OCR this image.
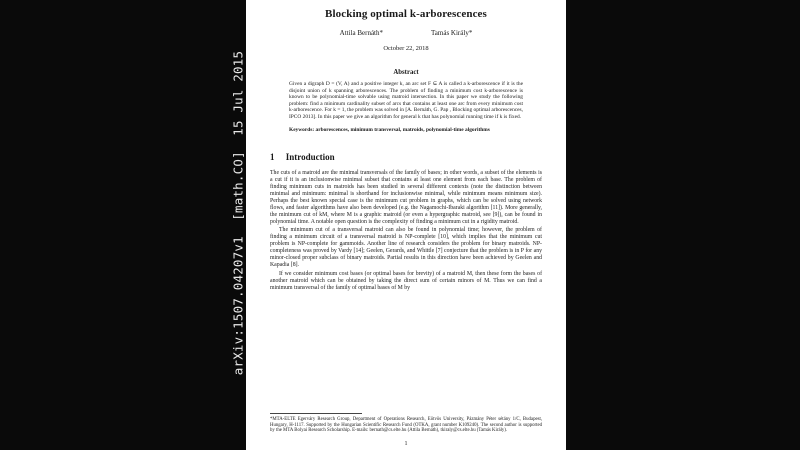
arXiv:1507.04207v1  [math.CO]  15 Jul 2015
Blocking optimal k-arborescences
Attila Bernáth*	Tamás Király*
October 22, 2018
Abstract
Given a digraph D = (V, A) and a positive integer k, an arc set F ⊆ A is called a k-arborescence if it is the disjoint union of k spanning arborescences. The problem of finding a minimum cost k-arborescence is known to be polynomial-time solvable using matroid intersection. In this paper we study the following problem: find a minimum cardinality subset of arcs that contains at least one arc from every minimum cost k-arborescence. For k = 1, the problem was solved in [A. Bernáth, G. Pap , Blocking optimal arborescences, IPCO 2013]. In this paper we give an algorithm for general k that has polynomial running time if k is fixed.
Keywords: arborescences, minimum transversal, matroids, polynomial-time algorithms
1 Introduction
The cuts of a matroid are the minimal transversals of the family of bases; in other words, a subset of the elements is a cut if it is an inclusionwise minimal subset that contains at least one element from each base. The problem of finding minimum cuts in matroids has been studied in several different contexts (note the distinction between minimal and minimum: minimal is shorthand for inclusionwise minimal, while minimum means minimum size). Perhaps the best known special case is the minimum cut problem in graphs, which can be solved using network flows, and faster algorithms have also been developed (e.g. the Nagamochi-Ibaraki algorithm [11]). More generally, the minimum cut of kM, where M is a graphic matroid (or even a hypergraphic matroid, see [9]), can be found in polynomial time. A notable open question is the complexity of finding a minimum cut in a rigidity matroid.
The minimum cut of a transversal matroid can also be found in polynomial time; however, the problem of finding a minimum circuit of a transversal matroid is NP-complete [10], which implies that the minimum cut problem is NP-complete for gammoids. Another line of research considers the problem for binary matroids. NP-completeness was proved by Vardy [14]; Geelen, Gerards, and Whittle [7] conjecture that the problem is in P for any minor-closed proper subclass of binary matroids. Partial results in this direction have been achieved by Geelen and Kapadia [8].
If we consider minimum cost bases (or optimal bases for brevity) of a matroid M, then these form the bases of another matroid which can be obtained by taking the direct sum of certain minors of M. Thus we can find a minimum transversal of the family of optimal bases of M by
*MTA-ELTE Egerváry Research Group, Department of Operations Research, Eötvös University, Pázmány Péter sétány 1/C, Budapest, Hungary, H-1117. Supported by the Hungarian Scientific Research Fund (OTKA, grant number K109240). The second author is supported by the MTA Bolyai Research Scholarship. E-mails: bernath@cs.elte.hu (Attila Bernáth), tkiraly@cs.elte.hu (Tamás Király).
1
